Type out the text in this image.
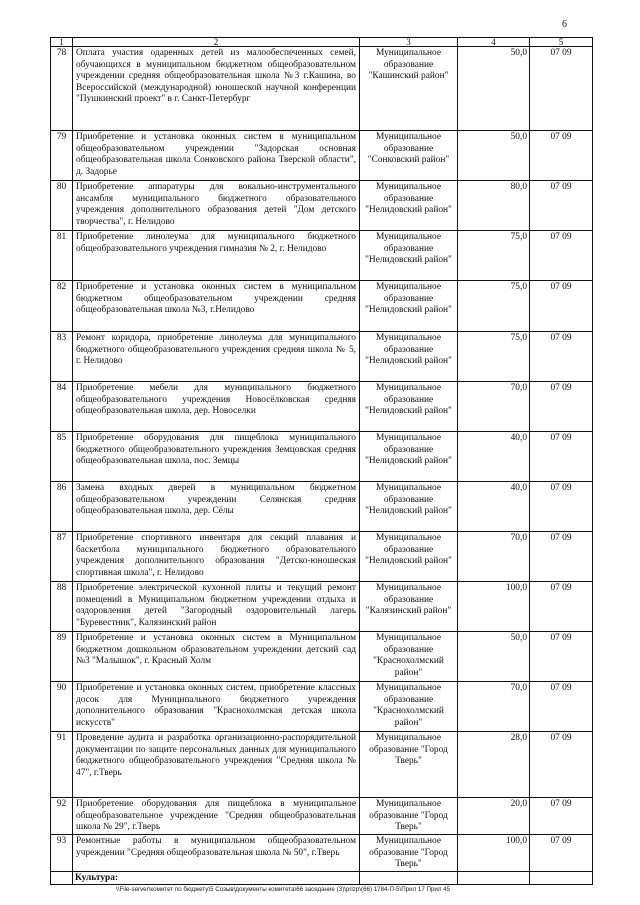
6
1	2	3	4	5
78	Оплата участия одаренных детей из малообеспеченных семей, обучающихся в муниципальном бюджетном общеобразовательном учреждении средняя общеобразовательная школа №3 г.Кашина, во Всероссийской (международной) юношеской научной конференции "Пушкинский проект" в г. Санкт-Петербург	Муниципальное образование "Кашинский район"	50,0	07 09
79	Приобретение и установка оконных систем в муниципальном общеобразовательном учреждении "Задорская основная общеобразовательная школа Сонковского района Тверской области", д. Задорье	Муниципальное образование "Сонковский район"	50,0	07 09
80	Приобретение аппаратуры для вокально-инструментального ансамбля муниципального бюджетного образовательного учреждения дополнительного образования детей "Дом детского творчества", г. Нелидово	Муниципальное образование "Нелидовский район"	80,0	07 09
81	Приобретение линолеума для муниципального бюджетного общеобразовательного учреждения гимназия № 2, г. Нелидово	Муниципальное образование "Нелидовский район"	75,0	07 09
82	Приобретение и установка оконных систем в муниципальном бюджетном общеобразовательном учреждении средняя общеобразовательная школа №3, г.Нелидово	Муниципальное образование "Нелидовский район"	75,0	07 09
83	Ремонт коридора, приобретение линолеума для муниципального бюджетного общеобразовательного учреждения средняя школа № 5, г. Нелидово	Муниципальное образование "Нелидовский район"	75,0	07 09
84	Приобретение мебели для муниципального бюджетного общеобразовательного учреждения Новосёлковская средняя общеобразовательная школа, дер. Новоселки	Муниципальное образование "Нелидовский район"	70,0	07 09
85	Приобретение оборудования для пищеблока муниципального бюджетного общеобразовательного учреждения Земцовская средняя общеобразовательная школа, пос. Земцы	Муниципальное образование "Нелидовский район"	40,0	07 09
86	Замена входных дверей в муниципальном бюджетном общеобразовательном учреждении Селянская средняя общеобразовательная школа, дер. Сёлы	Муниципальное образование "Нелидовский район"	40,0	07 09
87	Приобретение спортивного инвентаря для секций плавания и баскетбола муниципального бюджетного образовательного учреждения дополнительного образования "Детско-юношеская спортивная школа", г. Нелидово	Муниципальное образование "Нелидовский район"	70,0	07 09
88	Приобретение электрической кухонной плиты и текущий ремонт помещений в Муниципальном бюджетном учреждении отдыха и оздоровления детей "Загородный оздоровительный лагерь "Буревестник", Калязинский район	Муниципальное образование "Калязинский район"	100,0	07 09
89	Приобретение и установка оконных систем в Муниципальном бюджетном дошкольном образовательном учреждении детский сад №3 "Малышок", г. Красный Холм	Муниципальное образование "Краснохолмский район"	50,0	07 09
90	Приобретение и установка оконных систем, приобретение классных досок для Муниципального бюджетного учреждения дополнительного образования "Краснохолмская детская школа искусств"	Муниципальное образование "Краснохолмский район"	70,0	07 09
91	Проведение аудита и разработка организационно-распорядительной документации по защите персональных данных для муниципального бюджетного общеобразовательного учреждения "Средняя школа № 47", г.Тверь	Муниципальное образование "Город Тверь"	28,0	07 09
92	Приобретение оборудования для пищеблока в муниципальное общеобразовательное учреждение "Средняя общеобразовательная школа № 29", г.Тверь	Муниципальное образование "Город Тверь"	20,0	07 09
93	Ремонтные работы в муниципальном общеобразовательном учреждении "Средняя общеобразовательная школа № 50", г.Тверь	Муниципальное образование "Город Тверь"	100,0	07 09
	Культура:			
\\File-server\комитет по бюджету\5 Созыв\документы комитета\66 заседание (3)\prizp\(66) 1784-П-5\Прил 17 Прил 45
